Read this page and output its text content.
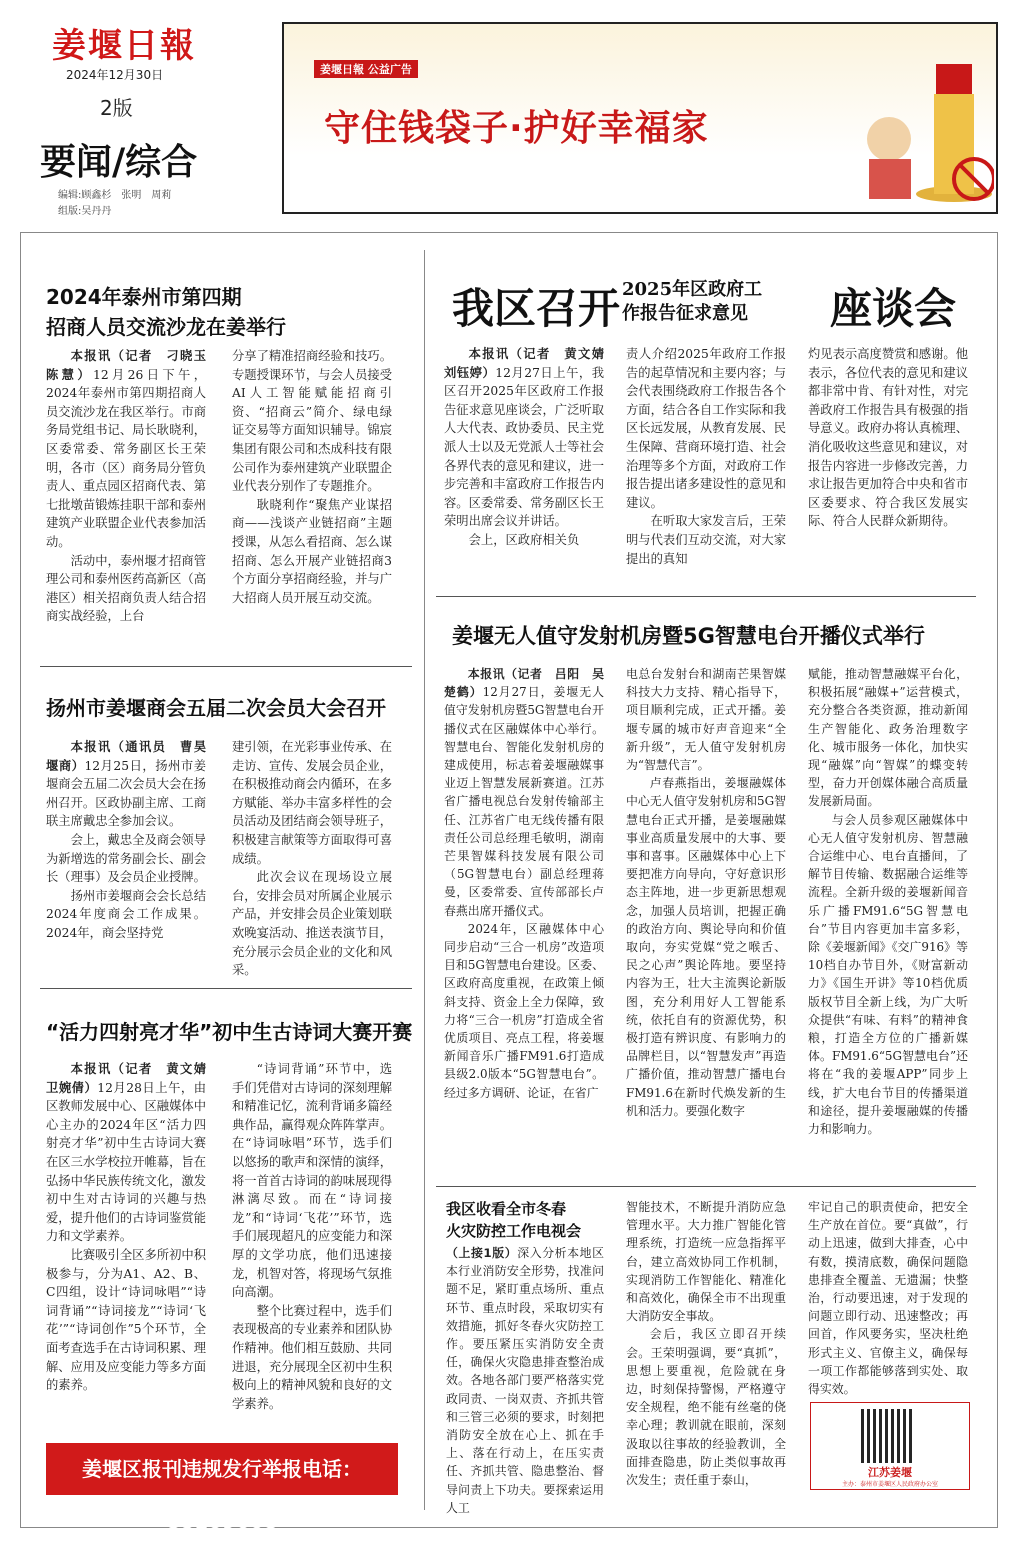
姜堰日報
2024年12月30日
2版
要闻/综合
编辑:顾鑫杉　张明　周莉
组版:吴丹丹
姜堰日報 公益广告
守住钱袋子·护好幸福家
2024年泰州市第四期
招商人员交流沙龙在姜举行

本报讯（记者　刁晓玉　陈慧）12月26日下午，2024年泰州市第四期招商人员交流沙龙在我区举行。市商务局党组书记、局长耿晓利，区委常委、常务副区长王荣明，各市（区）商务局分管负责人、重点园区招商代表、第七批墩苗锻炼挂职干部和泰州建筑产业联盟企业代表参加活动。

活动中，泰州堰才招商管理公司和泰州医药高新区（高港区）相关招商负责人结合招商实战经验，上台

分享了精准招商经验和技巧。专题授课环节，与会人员接受AI人工智能赋能招商引资、“招商云”简介、绿电绿证交易等方面知识辅导。锦宸集团有限公司和杰成科技有限公司作为泰州建筑产业联盟企业代表分别作了专题推介。

耿晓利作“聚焦产业谋招商——浅谈产业链招商”主题授课，从怎么看招商、怎么谋招商、怎么开展产业链招商3个方面分享招商经验，并与广大招商人员开展互动交流。

扬州市姜堰商会五届二次会员大会召开

本报讯（通讯员　曹昊　堰商）12月25日，扬州市姜堰商会五届二次会员大会在扬州召开。区政协副主席、工商联主席戴忠全参加会议。

会上，戴忠全及商会领导为新增选的常务副会长、副会长（理事）及会员企业授牌。

扬州市姜堰商会会长总结2024年度商会工作成果。2024年，商会坚持党

建引领，在光彩事业传承、在走访、宣传、发展会员企业，在积极推动商会内循环，在多方赋能、举办丰富多样性的会员活动及团结商会领导班子，积极建言献策等方面取得可喜成绩。

此次会议在现场设立展台，安排会员对所属企业展示产品，并安排会员企业策划联欢晚宴活动、推送表演节目，充分展示会员企业的文化和风采。

“活力四射亮才华”初中生古诗词大赛开赛

本报讯（记者　黄文婧　卫婉倩）12月28日上午，由区教师发展中心、区融媒体中心主办的2024年区“活力四射亮才华”初中生古诗词大赛在区三水学校拉开帷幕，旨在弘扬中华民族传统文化，激发初中生对古诗词的兴趣与热爱，提升他们的古诗词鉴赏能力和文学素养。

比赛吸引全区多所初中积极参与，分为A1、A2、B、C四组，设计“诗词咏唱”“诗词背诵”“诗词接龙”“诗词‘飞花’”“诗词创作”5个环节，全面考查选手在古诗词积累、理解、应用及应变能力等多方面的素养。

“诗词背诵”环节中，选手们凭借对古诗词的深刻理解和精准记忆，流利背诵多篇经典作品，赢得观众阵阵掌声。在“诗词咏唱”环节，选手们以悠扬的歌声和深情的演绎，将一首首古诗词的韵味展现得淋漓尽致。而在“诗词接龙”和“诗词‘飞花’”环节，选手们展现超凡的应变能力和深厚的文学功底，他们迅速接龙，机智对答，将现场气氛推向高潮。

整个比赛过程中，选手们表现极高的专业素养和团队协作精神。他们相互鼓励、共同进退，充分展现全区初中生积极向上的精神风貌和良好的文学素养。

姜堰区报刊违规发行举报电话：88109608
我区召开 2025年区政府工
作报告征求意见	座谈会

本报讯（记者　黄文婧　刘钰婷）12月27日上午，我区召开2025年区政府工作报告征求意见座谈会，广泛听取人大代表、政协委员、民主党派人士以及无党派人士等社会各界代表的意见和建议，进一步完善和丰富政府工作报告内容。区委常委、常务副区长王荣明出席会议并讲话。

会上，区政府相关负

责人介绍2025年政府工作报告的起草情况和主要内容；与会代表围绕政府工作报告各个方面，结合各自工作实际和我区长远发展，从教育发展、民生保障、营商环境打造、社会治理等多个方面，对政府工作报告提出诸多建设性的意见和建议。

在听取大家发言后，王荣明与代表们互动交流，对大家提出的真知

灼见表示高度赞赏和感谢。他表示，各位代表的意见和建议都非常中肯、有针对性，对完善政府工作报告具有极强的指导意义。政府办将认真梳理、消化吸收这些意见和建议，对报告内容进一步修改完善，力求让报告更加符合中央和省市区委要求、符合我区发展实际、符合人民群众新期待。

姜堰无人值守发射机房暨5G智慧电台开播仪式举行

本报讯（记者　吕阳　吴楚鹤）12月27日，姜堰无人值守发射机房暨5G智慧电台开播仪式在区融媒体中心举行。智慧电台、智能化发射机房的建成使用，标志着姜堰融媒事业迈上智慧发展新赛道。江苏省广播电视总台发射传输部主任、江苏省广电无线传播有限责任公司总经理毛敏明，湖南芒果智媒科技发展有限公司（5G智慧电台）副总经理蒋曼，区委常委、宣传部部长卢春燕出席开播仪式。

2024年，区融媒体中心同步启动“三合一机房”改造项目和5G智慧电台建设。区委、区政府高度重视，在政策上倾斜支持、资金上全力保障，致力将“三合一机房”打造成全省优质项目、亮点工程，将姜堰新闻音乐广播FM91.6打造成县级2.0版本“5G智慧电台”。经过多方调研、论证，在省广

电总台发射台和湖南芒果智媒科技大力支持、精心指导下，项目顺利完成，正式开播。姜堰专属的城市好声音迎来“全新升级”，无人值守发射机房为“智慧代言”。

卢春燕指出，姜堰融媒体中心无人值守发射机房和5G智慧电台正式开播，是姜堰融媒事业高质量发展中的大事、要事和喜事。区融媒体中心上下要把准方向导向，守好意识形态主阵地，进一步更新思想观念，加强人员培训，把握正确的政治方向、舆论导向和价值取向，夯实党媒“党之喉舌、民之心声”舆论阵地。要坚持内容为王，壮大主流舆论新版图，充分利用好人工智能系统，依托自有的资源优势，积极打造有辨识度、有影响力的品牌栏目，以“智慧发声”再造广播价值，推动智慧广播电台FM91.6在新时代焕发新的生机和活力。要强化数字

赋能，推动智慧融媒平台化，积极拓展“融媒+”运营模式，充分整合各类资源，推动新闻生产智能化、政务治理数字化、城市服务一体化，加快实现“融媒”向“智媒”的蝶变转型，奋力开创媒体融合高质量发展新局面。

与会人员参观区融媒体中心无人值守发射机房、智慧融合运维中心、电台直播间，了解节目传输、数据融合运维等流程。全新升级的姜堰新闻音乐广播FM91.6“5G智慧电台”节目内容更加丰富多彩，除《姜堰新闻》《交广916》等10档自办节目外，《财富新动力》《国生开讲》等10档优质版权节目全新上线，为广大听众提供“有味、有料”的精神食粮，打造全方位的广播新媒体。FM91.6“5G智慧电台”还将在“我的姜堰APP”同步上线，扩大电台节目的传播渠道和途径，提升姜堰融媒的传播力和影响力。

我区收看全市冬春
火灾防控工作电视会

（上接1版）深入分析本地区本行业消防安全形势，找准问题不足，紧盯重点场所、重点环节、重点时段，采取切实有效措施，抓好冬春火灾防控工作。要压紧压实消防安全责任，确保火灾隐患排查整治成效。各地各部门要严格落实党政同责、一岗双责、齐抓共管和三管三必须的要求，时刻把消防安全放在心上、抓在手上、落在行动上，在压实责任、齐抓共管、隐患整治、督导问责上下功夫。要探索运用人工

智能技术，不断提升消防应急管理水平。大力推广智能化管理系统，打造统一应急指挥平台，建立高效协同工作机制，实现消防工作智能化、精准化和高效化，确保全市不出现重大消防安全事故。

会后，我区立即召开续会。王荣明强调，要“真抓”，思想上要重视，危险就在身边，时刻保持警惕，严格遵守安全规程，绝不能有丝毫的侥幸心理；教训就在眼前，深刻汲取以往事故的经验教训，全面排查隐患，防止类似事故再次发生；责任重于泰山，

牢记自己的职责使命，把安全生产放在首位。要“真做”，行动上迅速，做到大排查，心中有数，摸清底数，确保问题隐患排查全覆盖、无遗漏；快整治，行动要迅速，对于发现的问题立即行动、迅速整改；再回首，作风要务实，坚决杜绝形式主义、官僚主义，确保每一项工作都能够落到实处、取得实效。

江苏姜堰
主办：泰州市姜堰区人民政府办公室
